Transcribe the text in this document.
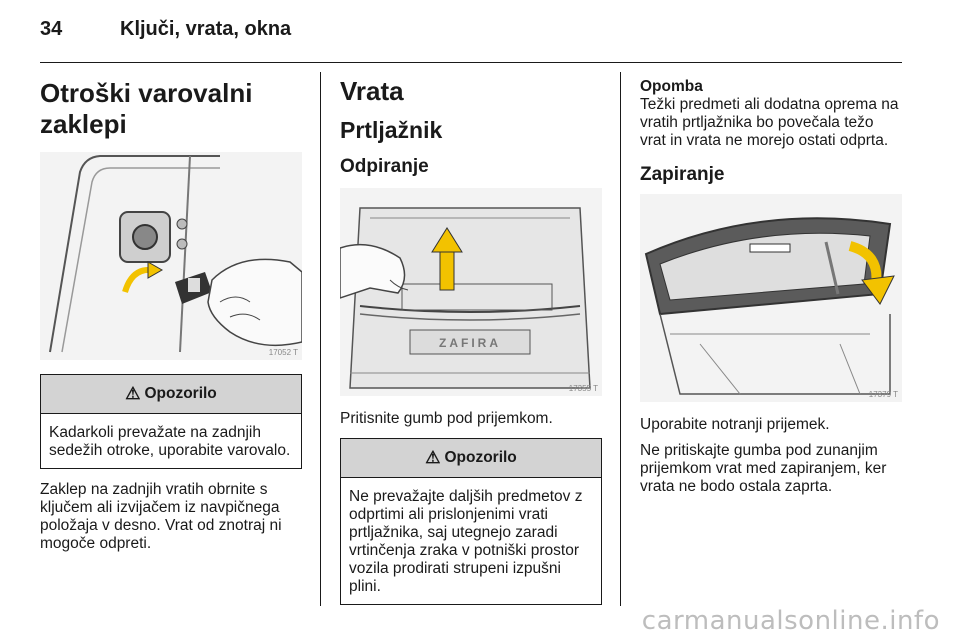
34	Ključi, vrata, okna
Otroški varovalni zaklepi
17052 T
⚠ Opozorilo
Kadarkoli prevažate na zadnjih sedežih otroke, uporabite varovalo.

Zaklep na zadnjih vratih obrnite s ključem ali izvijačem iz navpičnega položaja v desno. Vrat od znotraj ni mogoče odpreti.

Vrata
Prtljažnik
Odpiranje
ZAFIRA
17355 T

Pritisnite gumb pod prijemkom.

⚠ Opozorilo
Ne prevažajte daljših predmetov z odprtimi ali prislonjenimi vrati prtljažnika, saj utegnejo zaradi vrtinčenja zraka v potniški prostor vozila prodirati strupeni izpušni plini.
Opomba

Težki predmeti ali dodatna oprema na vratih prtljažnika bo povečala težo vrat in vrata ne morejo ostati odprta.

Zapiranje
17379 T

Uporabite notranji prijemek.

Ne pritiskajte gumba pod zunanjim prijemkom vrat med zapiranjem, ker vrata ne bodo ostala zaprta.

carmanualsonline.info
